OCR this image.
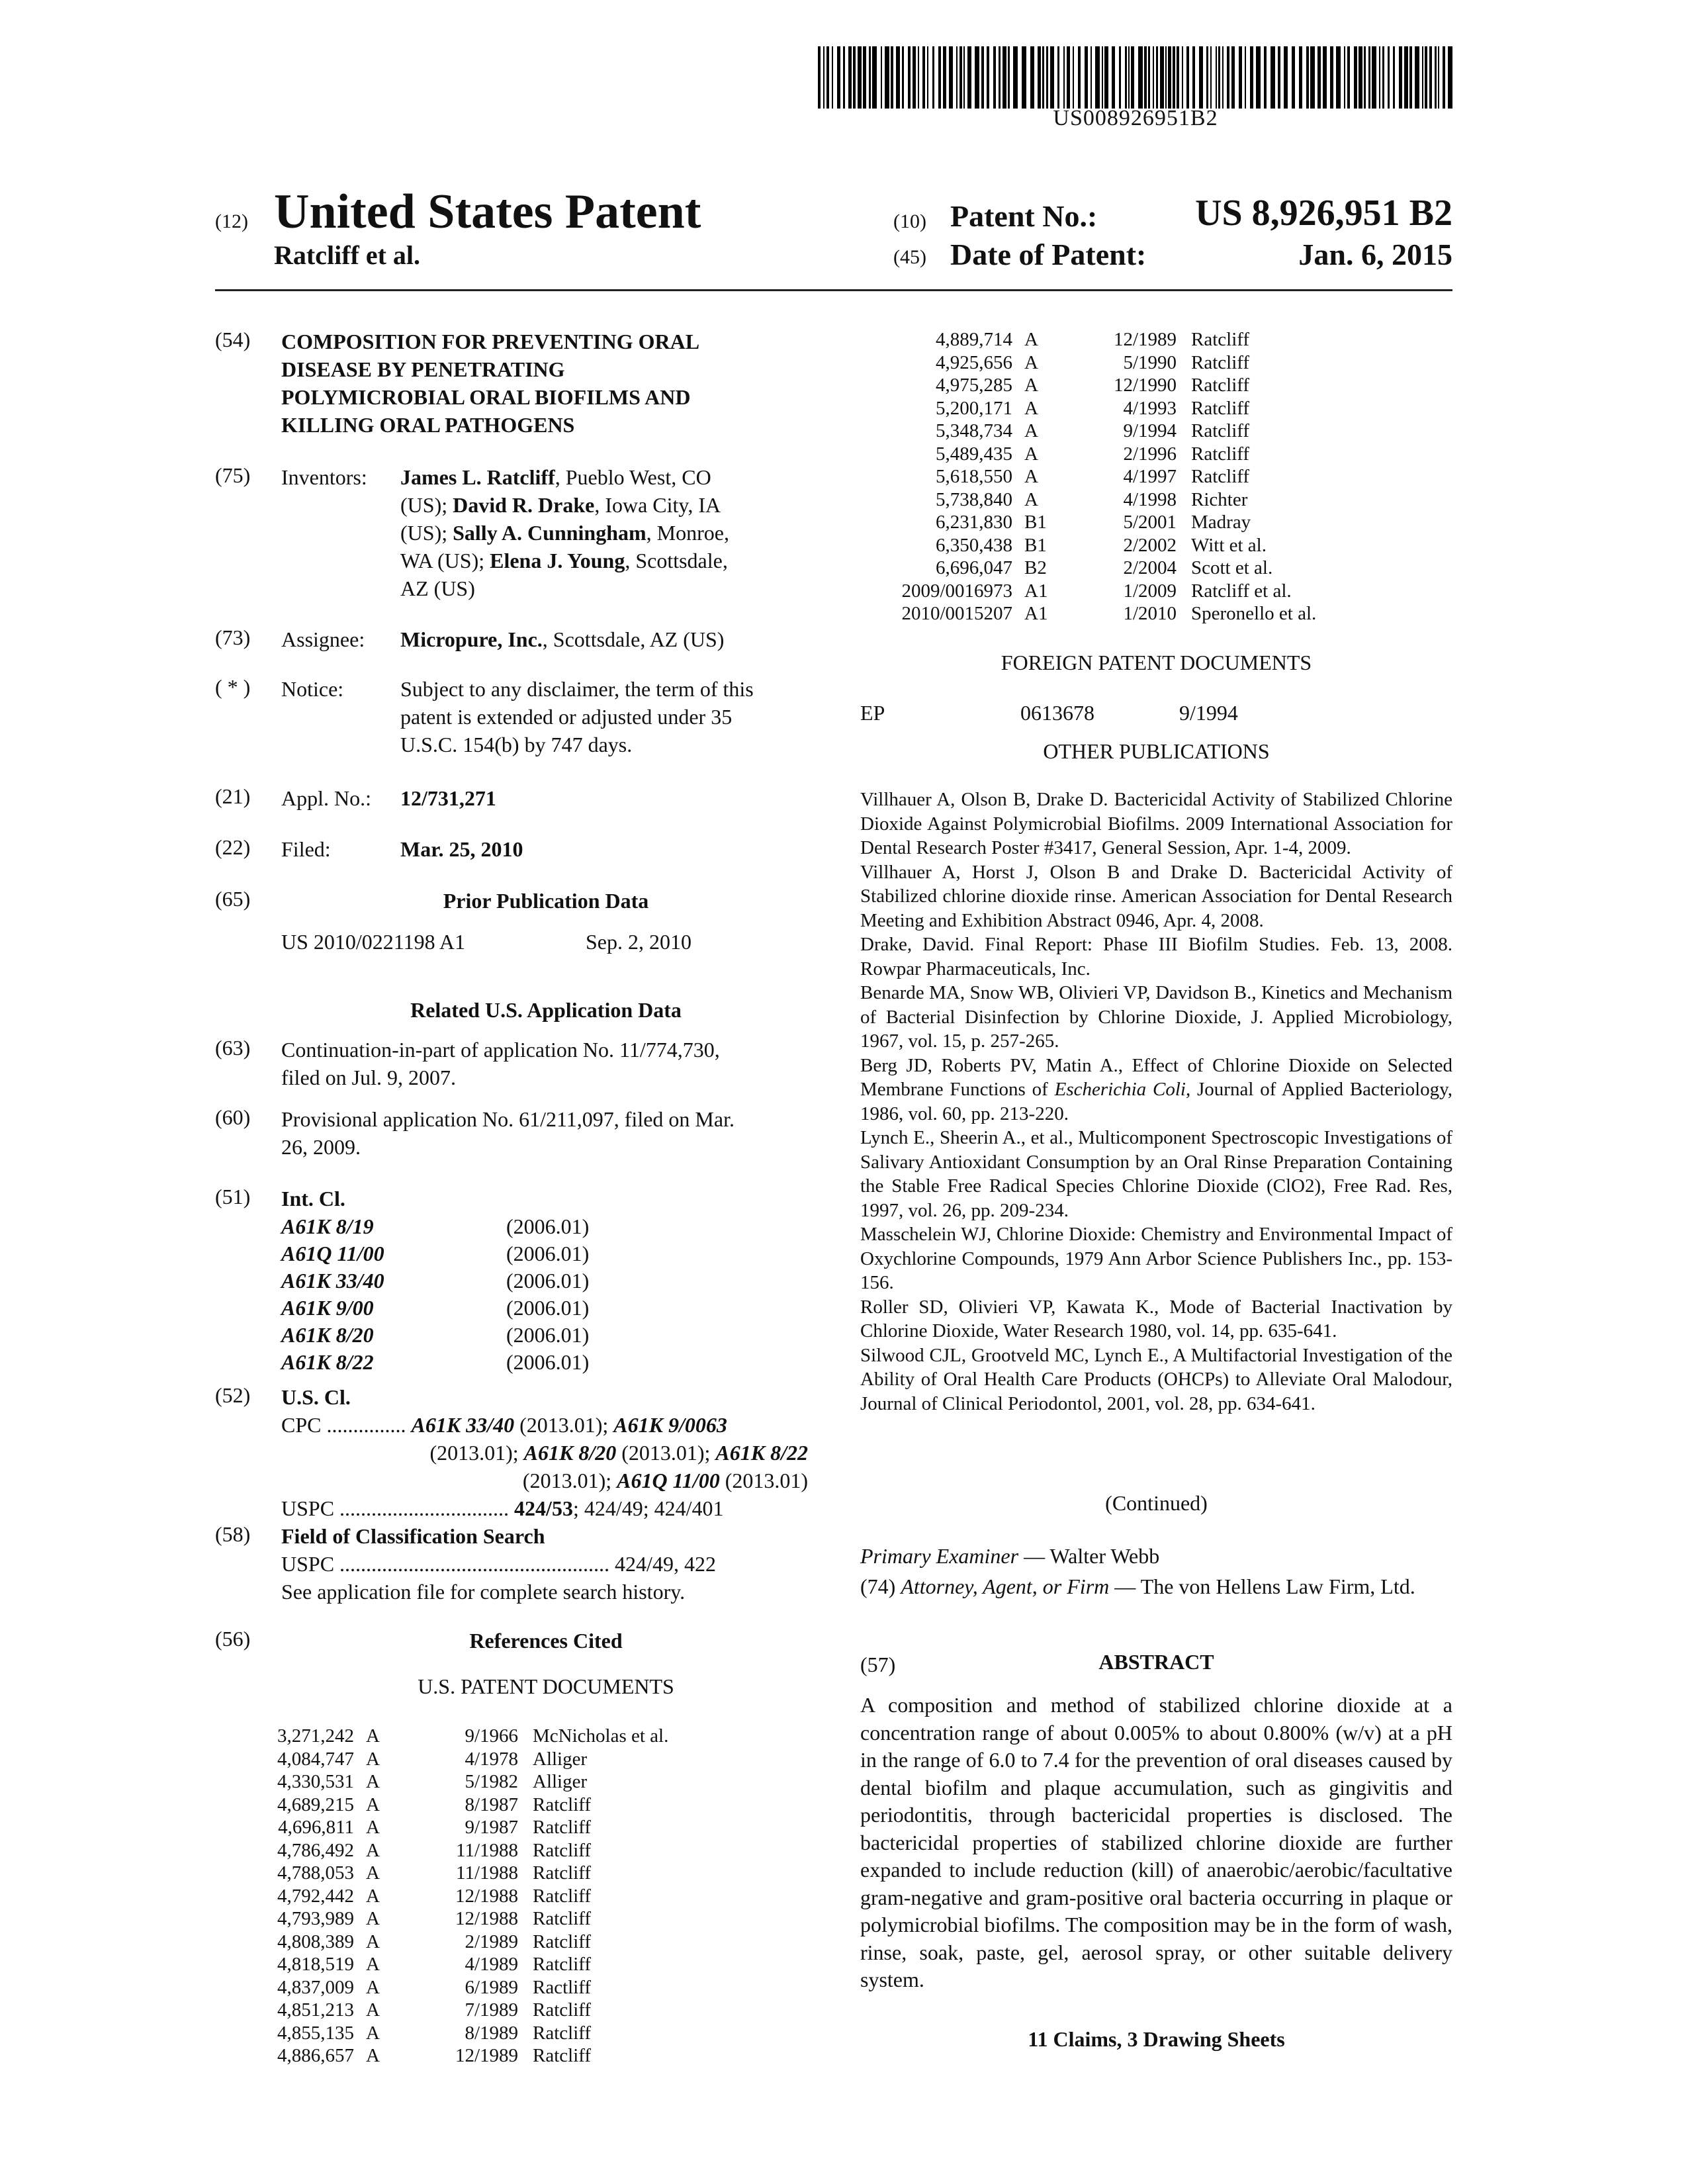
US008926951B2
(12) United States Patent
Ratcliff et al.
(10) Patent No.:	US 8,926,951 B2
(45) Date of Patent:	Jan. 6, 2015
(54)	COMPOSITION FOR PREVENTING ORAL
DISEASE BY PENETRATING
POLYMICROBIAL ORAL BIOFILMS AND
KILLING ORAL PATHOGENS
(75)	Inventors: James L. Ratcliff, Pueblo West, CO
(US); David R. Drake, Iowa City, IA
(US); Sally A. Cunningham, Monroe,
WA (US); Elena J. Young, Scottsdale,
AZ (US)
(73)	Assignee: Micropure, Inc., Scottsdale, AZ (US)
( * )	Notice:	Subject to any disclaimer, the term of this
patent is extended or adjusted under 35
U.S.C. 154(b) by 747 days.
(21)	Appl. No.: 12/731,271
(22)	Filed:	Mar. 25, 2010
(65)	Prior Publication Data
US 2010/0221198 A1	Sep. 2, 2010
Related U.S. Application Data
(63)	Continuation-in-part of application No. 11/774,730,
filed on Jul. 9, 2007.
(60)	Provisional application No. 61/211,097, filed on Mar.
26, 2009.
(51)	Int. Cl.
A61K 8/19	(2006.01)
A61Q 11/00	(2006.01)
A61K 33/40	(2006.01)
A61K 9/00	(2006.01)
A61K 8/20	(2006.01)
A61K 8/22	(2006.01)
(52)	U.S. Cl.
CPC ............... A61K 33/40 (2013.01); A61K 9/0063
(2013.01); A61K 8/20 (2013.01); A61K 8/22
(2013.01); A61Q 11/00 (2013.01)
USPC ................................ 424/53; 424/49; 424/401
(58)	Field of Classification Search
USPC ................................................... 424/49, 422
See application file for complete search history.
(56)	References Cited
U.S. PATENT DOCUMENTS
3,271,242	A	9/1966	McNicholas et al.
4,084,747	A	4/1978	Alliger
4,330,531	A	5/1982	Alliger
4,689,215	A	8/1987	Ratcliff
4,696,811	A	9/1987	Ratcliff
4,786,492	A	11/1988	Ratcliff
4,788,053	A	11/1988	Ratcliff
4,792,442	A	12/1988	Ratcliff
4,793,989	A	12/1988	Ratcliff
4,808,389	A	2/1989	Ratcliff
4,818,519	A	4/1989	Ratcliff
4,837,009	A	6/1989	Ractliff
4,851,213	A	7/1989	Ratcliff
4,855,135	A	8/1989	Ratcliff
4,886,657	A	12/1989	Ratcliff
4,889,714	A	12/1989	Ratcliff
4,925,656	A	5/1990	Ratcliff
4,975,285	A	12/1990	Ratcliff
5,200,171	A	4/1993	Ratcliff
5,348,734	A	9/1994	Ratcliff
5,489,435	A	2/1996	Ratcliff
5,618,550	A	4/1997	Ratcliff
5,738,840	A	4/1998	Richter
6,231,830	B1	5/2001	Madray
6,350,438	B1	2/2002	Witt et al.
6,696,047	B2	2/2004	Scott et al.
2009/0016973	A1	1/2009	Ratcliff et al.
2010/0015207	A1	1/2010	Speronello et al.
FOREIGN PATENT DOCUMENTS
EP	0613678	9/1994
OTHER PUBLICATIONS

Villhauer A, Olson B, Drake D. Bactericidal Activity of Stabilized Chlorine Dioxide Against Polymicrobial Biofilms. 2009 International Association for Dental Research Poster #3417, General Session, Apr. 1-4, 2009.

Villhauer A, Horst J, Olson B and Drake D. Bactericidal Activity of Stabilized chlorine dioxide rinse. American Association for Dental Research Meeting and Exhibition Abstract 0946, Apr. 4, 2008.

Drake, David. Final Report: Phase III Biofilm Studies. Feb. 13, 2008. Rowpar Pharmaceuticals, Inc.

Benarde MA, Snow WB, Olivieri VP, Davidson B., Kinetics and Mechanism of Bacterial Disinfection by Chlorine Dioxide, J. Applied Microbiology, 1967, vol. 15, p. 257-265.

Berg JD, Roberts PV, Matin A., Effect of Chlorine Dioxide on Selected Membrane Functions of Escherichia Coli, Journal of Applied Bacteriology, 1986, vol. 60, pp. 213-220.

Lynch E., Sheerin A., et al., Multicomponent Spectroscopic Investigations of Salivary Antioxidant Consumption by an Oral Rinse Preparation Containing the Stable Free Radical Species Chlorine Dioxide (ClO2), Free Rad. Res, 1997, vol. 26, pp. 209-234.

Masschelein WJ, Chlorine Dioxide: Chemistry and Environmental Impact of Oxychlorine Compounds, 1979 Ann Arbor Science Publishers Inc., pp. 153-156.

Roller SD, Olivieri VP, Kawata K., Mode of Bacterial Inactivation by Chlorine Dioxide, Water Research 1980, vol. 14, pp. 635-641.

Silwood CJL, Grootveld MC, Lynch E., A Multifactorial Investigation of the Ability of Oral Health Care Products (OHCPs) to Alleviate Oral Malodour, Journal of Clinical Periodontol, 2001, vol. 28, pp. 634-641.

(Continued)
Primary Examiner — Walter Webb
(74) Attorney, Agent, or Firm — The von Hellens Law Firm, Ltd.
(57)	ABSTRACT
A composition and method of stabilized chlorine dioxide at a concentration range of about 0.005% to about 0.800% (w/v) at a pH in the range of 6.0 to 7.4 for the prevention of oral diseases caused by dental biofilm and plaque accumulation, such as gingivitis and periodontitis, through bactericidal properties is disclosed. The bactericidal properties of stabilized chlorine dioxide are further expanded to include reduction (kill) of anaerobic/aerobic/facultative gram-negative and gram-positive oral bacteria occurring in plaque or polymicrobial biofilms. The composition may be in the form of wash, rinse, soak, paste, gel, aerosol spray, or other suitable delivery system.
11 Claims, 3 Drawing Sheets
